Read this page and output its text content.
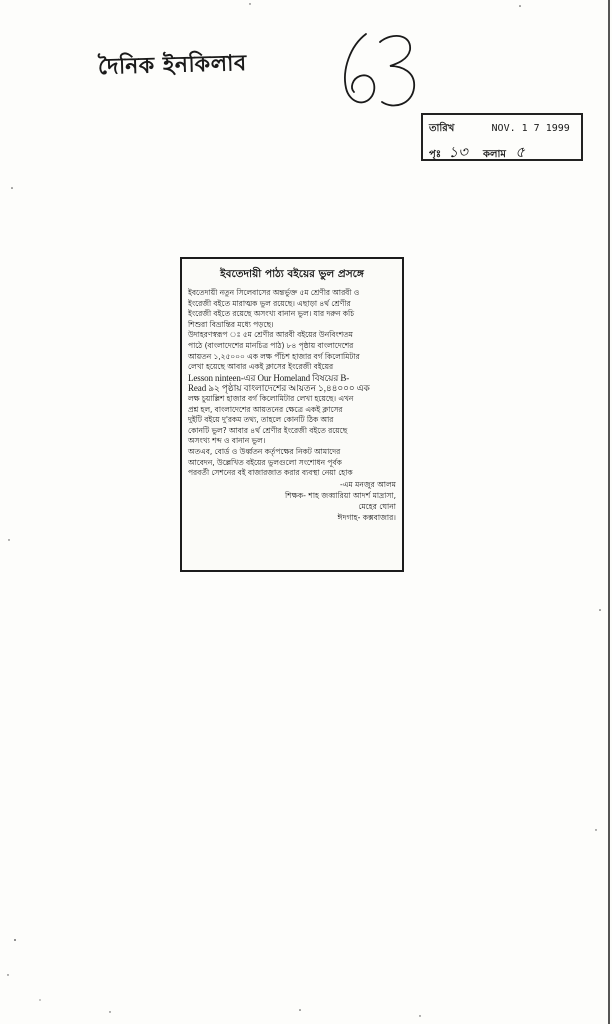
দৈনিক ইনকিলাব
তারিখ	NOV. 1 7 1999
পৃঃ ১৩ কলাম ৫
ইবতেদায়ী পাঠ্য বইয়ের ভুল প্রসঙ্গে
ইবতেদায়ী নতুন সিলেবাসের অন্তর্ভুক্ত ৫ম শ্রেণীর আরবী ও
ইংরেজী বইতে মারাত্মক ভুল রয়েছে। এছাড়া ৪র্থ শ্রেণীর
ইংরেজী বইতে রয়েছে অসংখ্য বানান ভুল। যার দরুন কচি
শিশুরা বিভ্রান্তির মধ্যে পড়ছে।
উদাহরণস্বরূপ ঃ ৫ম শ্রেণীর আরবী বইয়ের উনবিংশতম
পাঠে (বাংলাদেশের মানচিত্র পাঠ) ৮৪ পৃষ্ঠায় বাংলাদেশের
আয়তন ১,২৫০০০ এক লক্ষ পঁচিশ হাজার বর্গ কিলোমিটার
লেখা হয়েছে আবার একই ক্লাসের ইংরেজী বইয়ের
Lesson ninteen-এর Our Homeland বিষয়ের B-
Read ৯২ পৃষ্ঠায় বাংলাদেশের আয়তন ১,৪৪০০০ এক
লক্ষ চুয়াল্লিশ হাজার বর্গ কিলোমিটার লেখা হয়েছে। এখন
প্রশ্ন হল, বাংলাদেশের আয়তনের ক্ষেত্রে একই ক্লাসের
দুইটি বইয়ে দু'রকম তথ্য, তাহলে কোনটি ঠিক আর
কোনটি ভুল? আবার ৪র্থ শ্রেণীর ইংরেজী বইতে রয়েছে
অসংখ্য শব্দ ও বানান ভুল।
অতএব, বোর্ড ও উর্ধ্বতন কর্তৃপক্ষের নিকট আমাদের
আবেদন, উল্লেখিত বইয়ের ভুলগুলো সংশোধন পূর্বক
পরবর্তী সেশনের বই বাজারজাত করার ব্যবস্থা নেয়া হোক
-এম মনজুর আলম
শিক্ষক- শাহ জব্বারিয়া আদর্শ মাদ্রাসা,
মেহের ঘোনা
ঈদগাহ- কক্সবাজার।
